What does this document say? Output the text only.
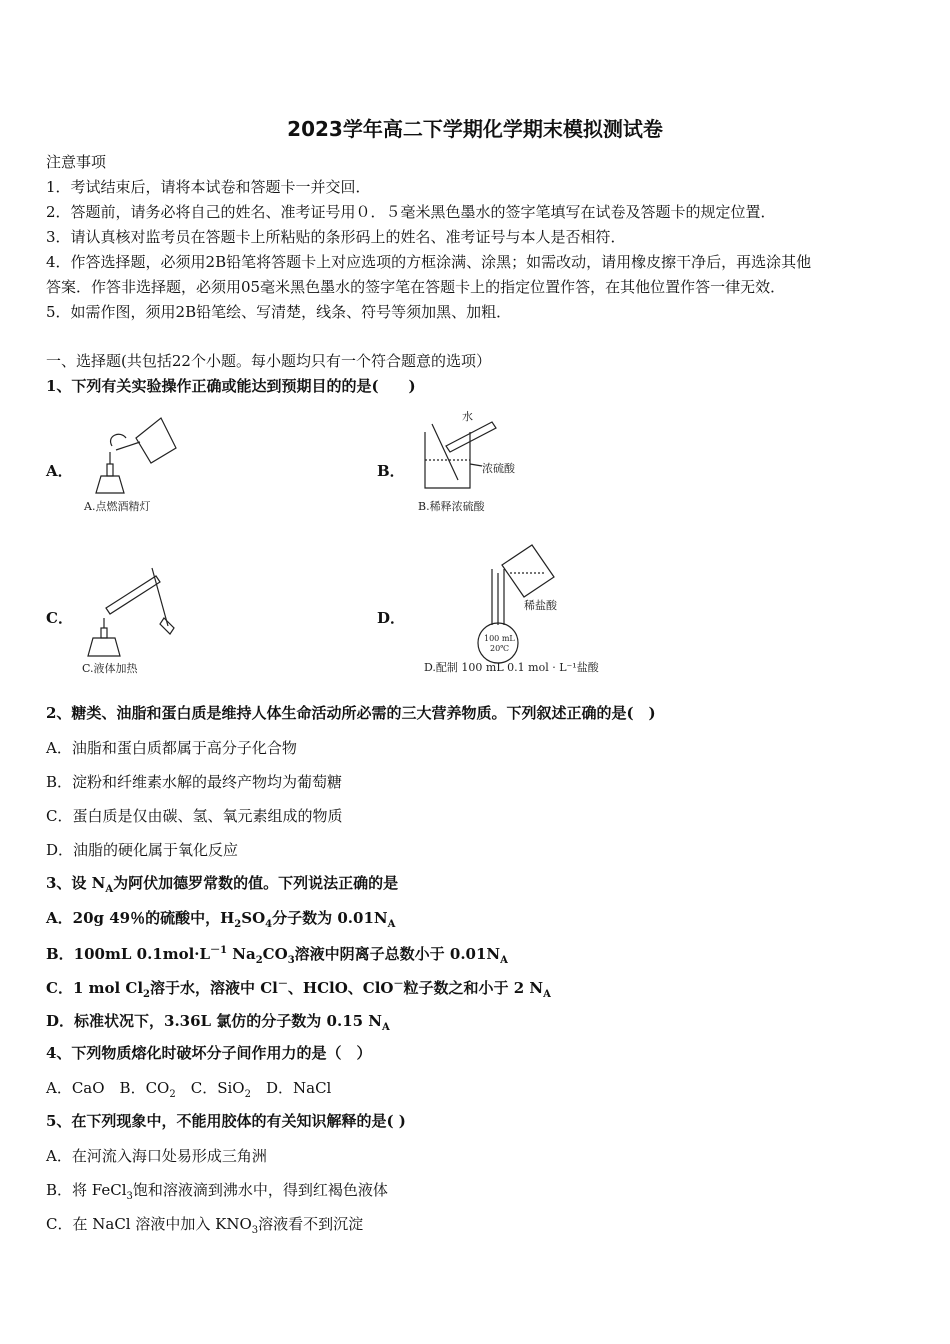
2023学年高二下学期化学期末模拟测试卷
注意事项
1．考试结束后，请将本试卷和答题卡一并交回．
2．答题前，请务必将自己的姓名、准考证号用０．５毫米黑色墨水的签字笔填写在试卷及答题卡的规定位置．
3．请认真核对监考员在答题卡上所粘贴的条形码上的姓名、准考证号与本人是否相符．
4．作答选择题，必须用2B铅笔将答题卡上对应选项的方框涂满、涂黑；如需改动，请用橡皮擦干净后，再选涂其他
答案．作答非选择题，必须用05毫米黑色墨水的签字笔在答题卡上的指定位置作答，在其他位置作答一律无效．
5．如需作图，须用2B铅笔绘、写清楚，线条、符号等须加黑、加粗．
一、选择题(共包括22个小题。每小题均只有一个符合题意的选项）
1、下列有关实验操作正确或能达到预期目的的是(　　)
A．
A.点燃酒精灯
B．
水
浓硫酸
B.稀释浓硫酸
C．
C.液体加热
D．
稀盐酸
100 mL
20℃
D.配制 100 mL 0.1 mol · L⁻¹盐酸
2、糖类、油脂和蛋白质是维持人体生命活动所必需的三大营养物质。下列叙述正确的是(　)
A．油脂和蛋白质都属于高分子化合物
B．淀粉和纤维素水解的最终产物均为葡萄糖
C．蛋白质是仅由碳、氢、氧元素组成的物质
D．油脂的硬化属于氧化反应
3、设 $N_A$为阿伏加德罗常数的值。下列说法正确的是
A．20g 49％的硫酸中，$H_2SO_4$分子数为 $0.01N_A$
B．100mL $0.1mol\cdot L^{-1}$ $Na_2CO_3$溶液中阴离子总数小于 $0.01N_A$
C．1 mol $Cl_2$溶于水，溶液中 Cl－、HClO、ClO－粒子数之和小于 2 $N_A$
D．标准状况下，3.36L 氯仿的分子数为 0.15 $N_A$
4、下列物质熔化时破坏分子间作用力的是（　）
A．CaO　B．$CO_2$　C．SiO$_2$　D．NaCl
5、在下列现象中，不能用胶体的有关知识解释的是( )
A．在河流入海口处易形成三角洲
B．将 FeCl$_3$饱和溶液滴到沸水中，得到红褐色液体
C．在 NaCl 溶液中加入 $KNO_3$溶液看不到沉淀
